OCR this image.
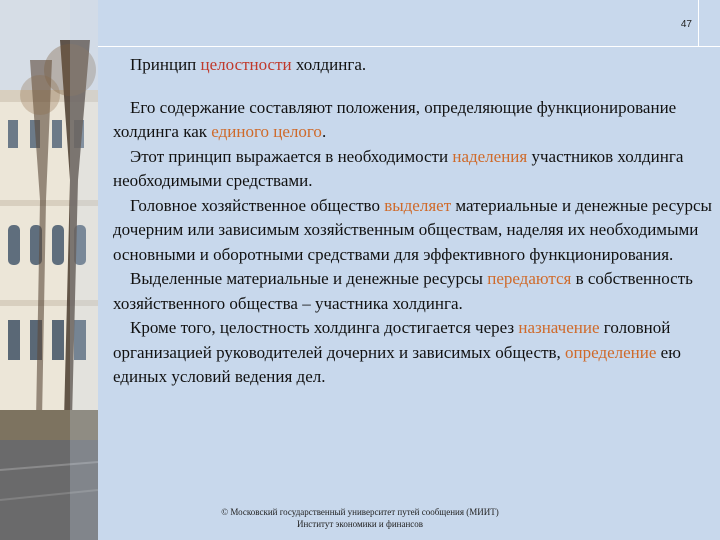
47

Принцип целостности холдинга.

Его содержание составляют положения, определяющие функционирование холдинга как единого целого.

Этот принцип выражается в необходимости наделения участников холдинга необходимыми средствами.

Головное хозяйственное общество выделяет материальные и денежные ресурсы дочерним или зависимым хозяйственным обществам, наделяя их необходимыми основными и оборотными средствами для эффективного функционирования.

Выделенные материальные и денежные ресурсы передаются в собственность хозяйственного общества – участника холдинга.

Кроме того, целостность холдинга достигается через назначение головной организацией руководителей дочерних и зависимых обществ, определение ею единых условий ведения дел.

© Московский государственный университет путей сообщения (МИИТ)
Институт экономики и финансов
